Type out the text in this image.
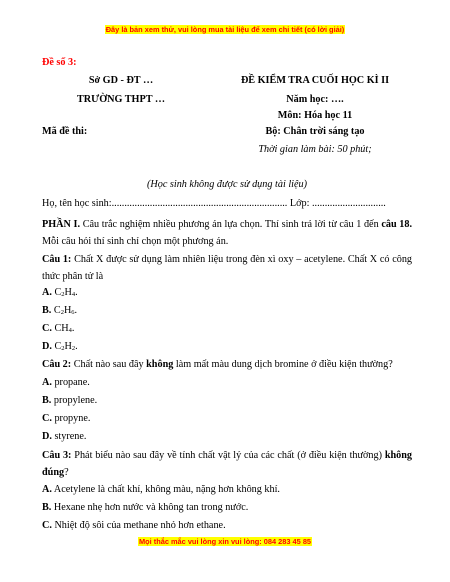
Đây là bản xem thử, vui lòng mua tài liệu để xem chi tiết (có lời giải)
Đề số 3:
Sở GD - ĐT …
TRƯỜNG THPT …
Mã đề thi:
ĐỀ KIỂM TRA CUỐI HỌC KÌ II
Năm học: ….
Môn: Hóa học 11
Bộ: Chân trời sáng tạo
Thời gian làm bài: 50 phút;
(Học sinh không được sử dụng tài liệu)
Họ, tên học sinh:..................................................................... Lớp: .............................
PHẦN I. Câu trắc nghiệm nhiều phương án lựa chọn. Thí sinh trả lời từ câu 1 đến câu 18. Mỗi câu hỏi thí sinh chỉ chọn một phương án.
Câu 1: Chất X được sử dụng làm nhiên liệu trong đèn xì oxy – acetylene. Chất X có công thức phân tử là
A. $C_2H_4$.
B. $C_2H_6$.
C. $CH_4$.
D. $C_2H_2$.
Câu 2: Chất nào sau đây không làm mất màu dung dịch bromine ở điều kiện thường?
A. propane.
B. propylene.
C. propyne.
D. styrene.
Câu 3: Phát biểu nào sau đây về tính chất vật lý của các chất (ở điều kiện thường) không đúng?
A. Acetylene là chất khí, không màu, nặng hơn không khí.
B. Hexane nhẹ hơn nước và không tan trong nước.
C. Nhiệt độ sôi của methane nhỏ hơn ethane.
Mọi thắc mắc vui lòng xin vui lòng: 084 283 45 85
